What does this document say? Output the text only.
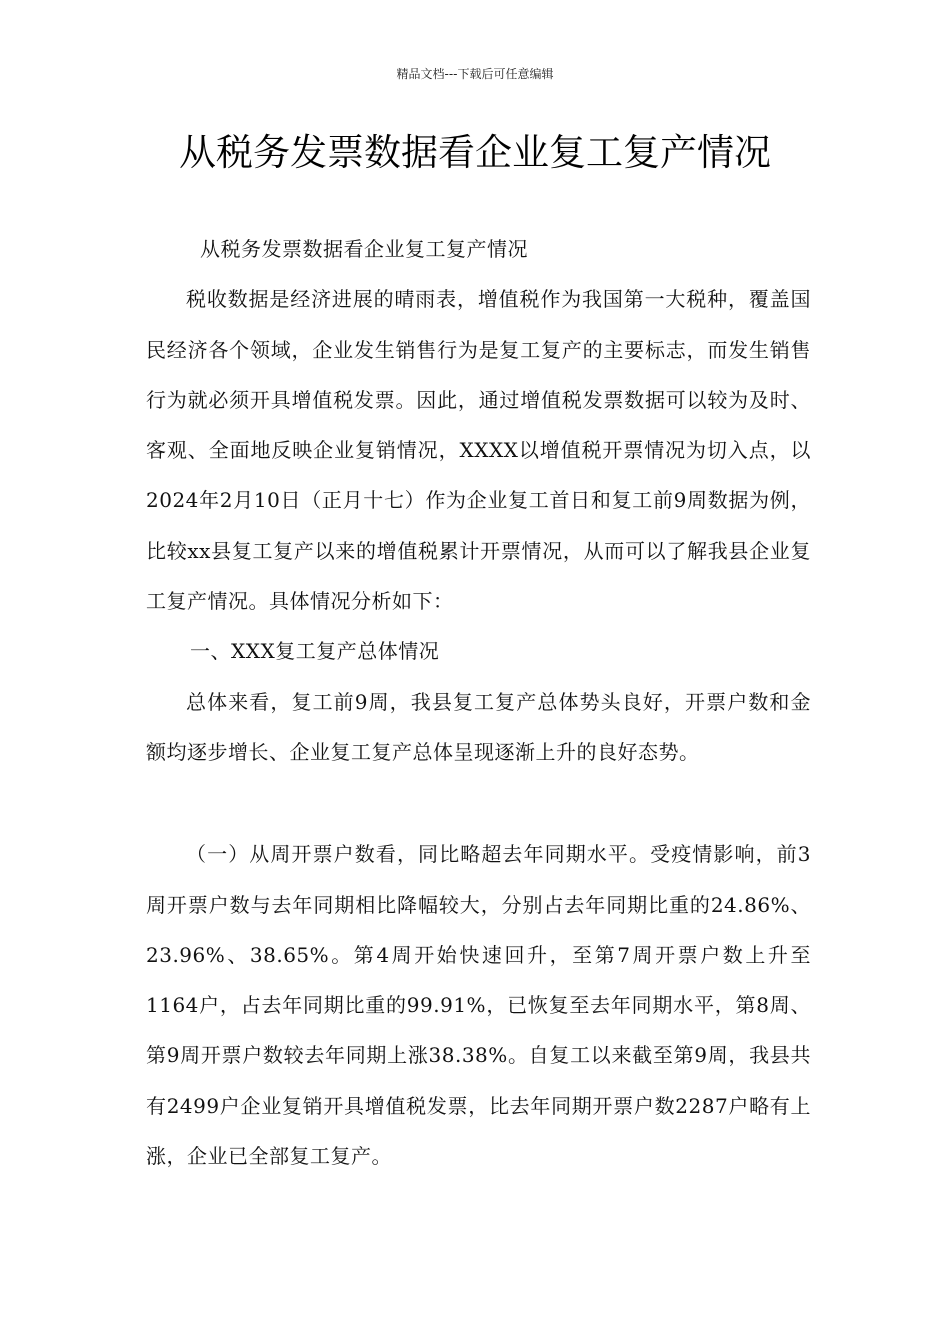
精品文档---下载后可任意编辑
从税务发票数据看企业复工复产情况

从税务发票数据看企业复工复产情况

税收数据是经济进展的晴雨表，增值税作为我国第一大税种，覆盖国民经济各个领域，企业发生销售行为是复工复产的主要标志，而发生销售行为就必须开具增值税发票。因此，通过增值税发票数据可以较为及时、客观、全面地反映企业复销情况，XXXX以增值税开票情况为切入点，以2024年2月10日（正月十七）作为企业复工首日和复工前9周数据为例，比较xx县复工复产以来的增值税累计开票情况，从而可以了解我县企业复工复产情况。具体情况分析如下：

一、XXX复工复产总体情况

总体来看，复工前9周，我县复工复产总体势头良好，开票户数和金额均逐步增长、企业复工复产总体呈现逐渐上升的良好态势。

（一）从周开票户数看，同比略超去年同期水平。受疫情影响，前3周开票户数与去年同期相比降幅较大，分别占去年同期比重的24.86%、23.96%、38.65%。第4周开始快速回升，至第7周开票户数上升至1164户，占去年同期比重的99.91%，已恢复至去年同期水平，第8周、第9周开票户数较去年同期上涨38.38%。自复工以来截至第9周，我县共有2499户企业复销开具增值税发票，比去年同期开票户数2287户略有上涨，企业已全部复工复产。
